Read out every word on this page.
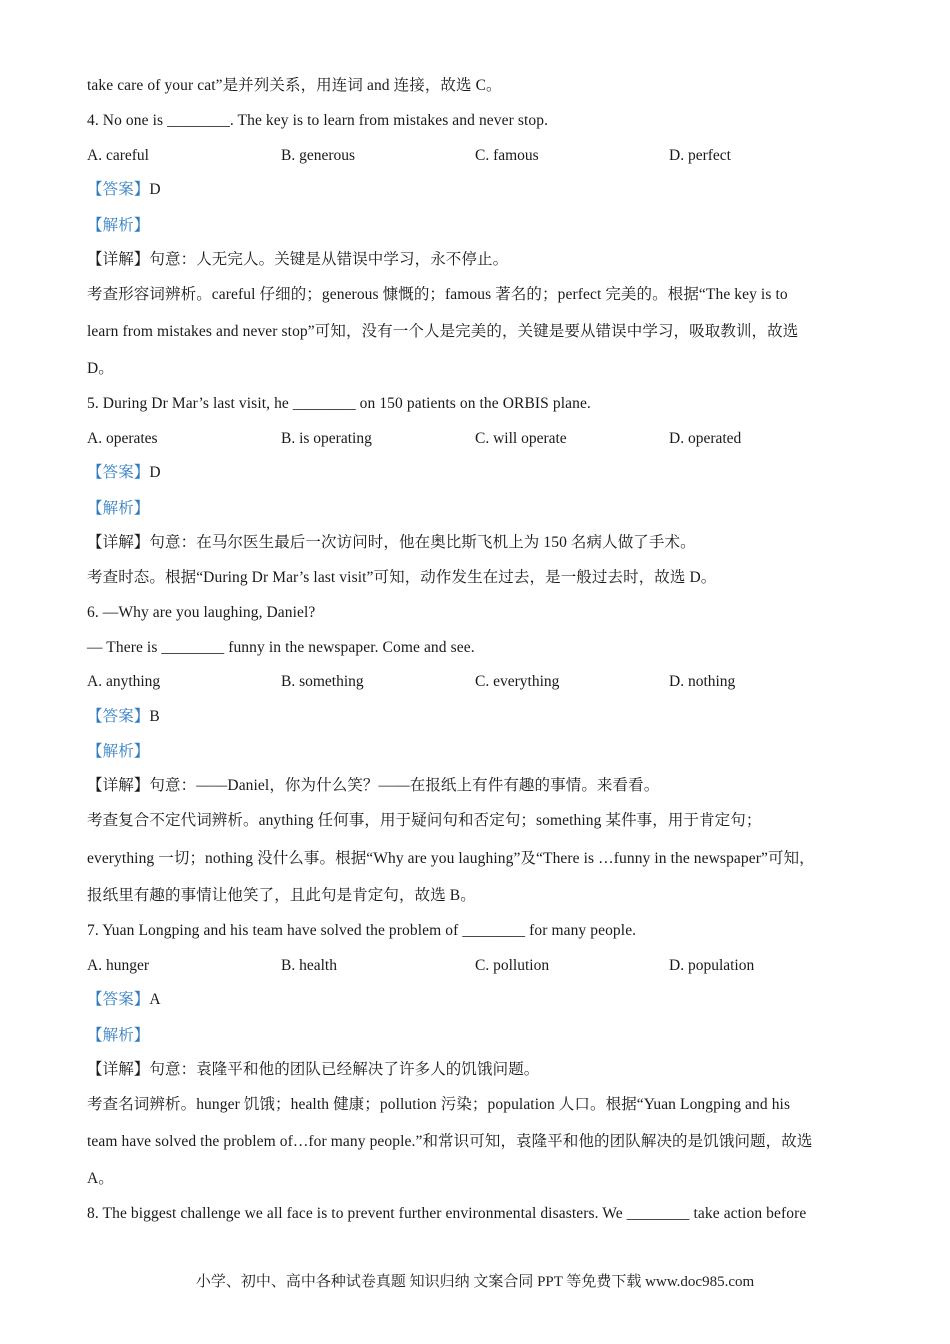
take care of your cat”是并列关系，用连词 and 连接，故选 C。
4. No one is ________. The key is to learn from mistakes and never stop.
A. careful	B. generous	C. famous	D. perfect
【答案】D
【解析】
【详解】句意：人无完人。关键是从错误中学习，永不停止。
考查形容词辨析。careful 仔细的；generous 慷慨的；famous 著名的；perfect 完美的。根据“The key is to
learn from mistakes and never stop”可知，没有一个人是完美的，关键是要从错误中学习，吸取教训，故选
D。
5. During Dr Mar’s last visit, he ________ on 150 patients on the ORBIS plane.
A. operates	B. is operating	C. will operate	D. operated
【答案】D
【解析】
【详解】句意：在马尔医生最后一次访问时，他在奥比斯飞机上为 150 名病人做了手术。
考查时态。根据“During Dr Mar’s last visit”可知，动作发生在过去，是一般过去时，故选 D。
6. —Why are you laughing, Daniel?
— There is ________ funny in the newspaper. Come and see.
A. anything	B. something	C. everything	D. nothing
【答案】B
【解析】
【详解】句意：——Daniel，你为什么笑？——在报纸上有件有趣的事情。来看看。
考查复合不定代词辨析。anything 任何事，用于疑问句和否定句；something 某件事，用于肯定句；
everything 一切；nothing 没什么事。根据“Why are you laughing”及“There is …funny in the newspaper”可知，
报纸里有趣的事情让他笑了，且此句是肯定句，故选 B。
7. Yuan Longping and his team have solved the problem of ________ for many people.
A. hunger	B. health	C. pollution	D. population
【答案】A
【解析】
【详解】句意：袁隆平和他的团队已经解决了许多人的饥饿问题。
考查名词辨析。hunger 饥饿；health 健康；pollution 污染；population 人口。根据“Yuan Longping and his
team have solved the problem of…for many people.”和常识可知，袁隆平和他的团队解决的是饥饿问题，故选
A。
8. The biggest challenge we all face is to prevent further environmental disasters. We ________ take action before
小学、初中、高中各种试卷真题 知识归纳 文案合同 PPT 等免费下载 www.doc985.com
